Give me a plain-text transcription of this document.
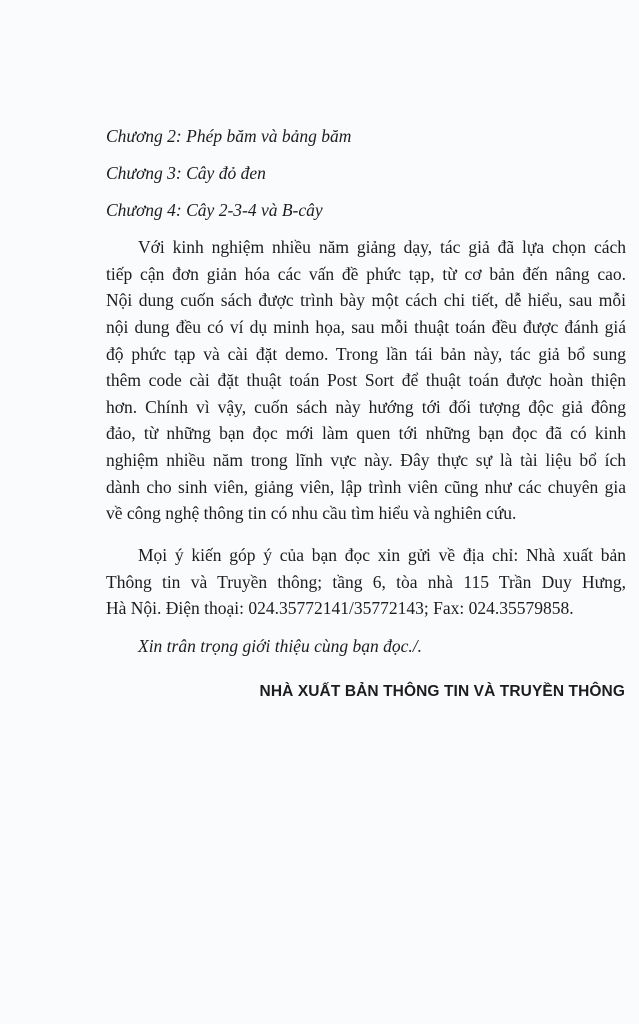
Chương 2: Phép băm và bảng băm
Chương 3: Cây đỏ đen
Chương 4: Cây 2-3-4 và B-cây
Với kinh nghiệm nhiều năm giảng dạy, tác giả đã lựa chọn cách
tiếp cận đơn giản hóa các vấn đề phức tạp, từ cơ bản đến nâng cao.
Nội dung cuốn sách được trình bày một cách chi tiết, dễ hiểu, sau mỗi
nội dung đều có ví dụ minh họa, sau mỗi thuật toán đều được đánh giá
độ phức tạp và cài đặt demo. Trong lần tái bản này, tác giả bổ sung
thêm code cài đặt thuật toán Post Sort để thuật toán được hoàn thiện
hơn. Chính vì vậy, cuốn sách này hướng tới đối tượng độc giả đông
đảo, từ những bạn đọc mới làm quen tới những bạn đọc đã có kinh
nghiệm nhiều năm trong lĩnh vực này. Đây thực sự là tài liệu bổ ích
dành cho sinh viên, giảng viên, lập trình viên cũng như các chuyên gia
về công nghệ thông tin có nhu cầu tìm hiểu và nghiên cứu.
Mọi ý kiến góp ý của bạn đọc xin gửi về địa chỉ: Nhà xuất bản
Thông tin và Truyền thông; tầng 6, tòa nhà 115 Trần Duy Hưng,
Hà Nội. Điện thoại: 024.35772141/35772143; Fax: 024.35579858.
Xin trân trọng giới thiệu cùng bạn đọc./.
NHÀ XUẤT BẢN THÔNG TIN VÀ TRUYỀN THÔNG
